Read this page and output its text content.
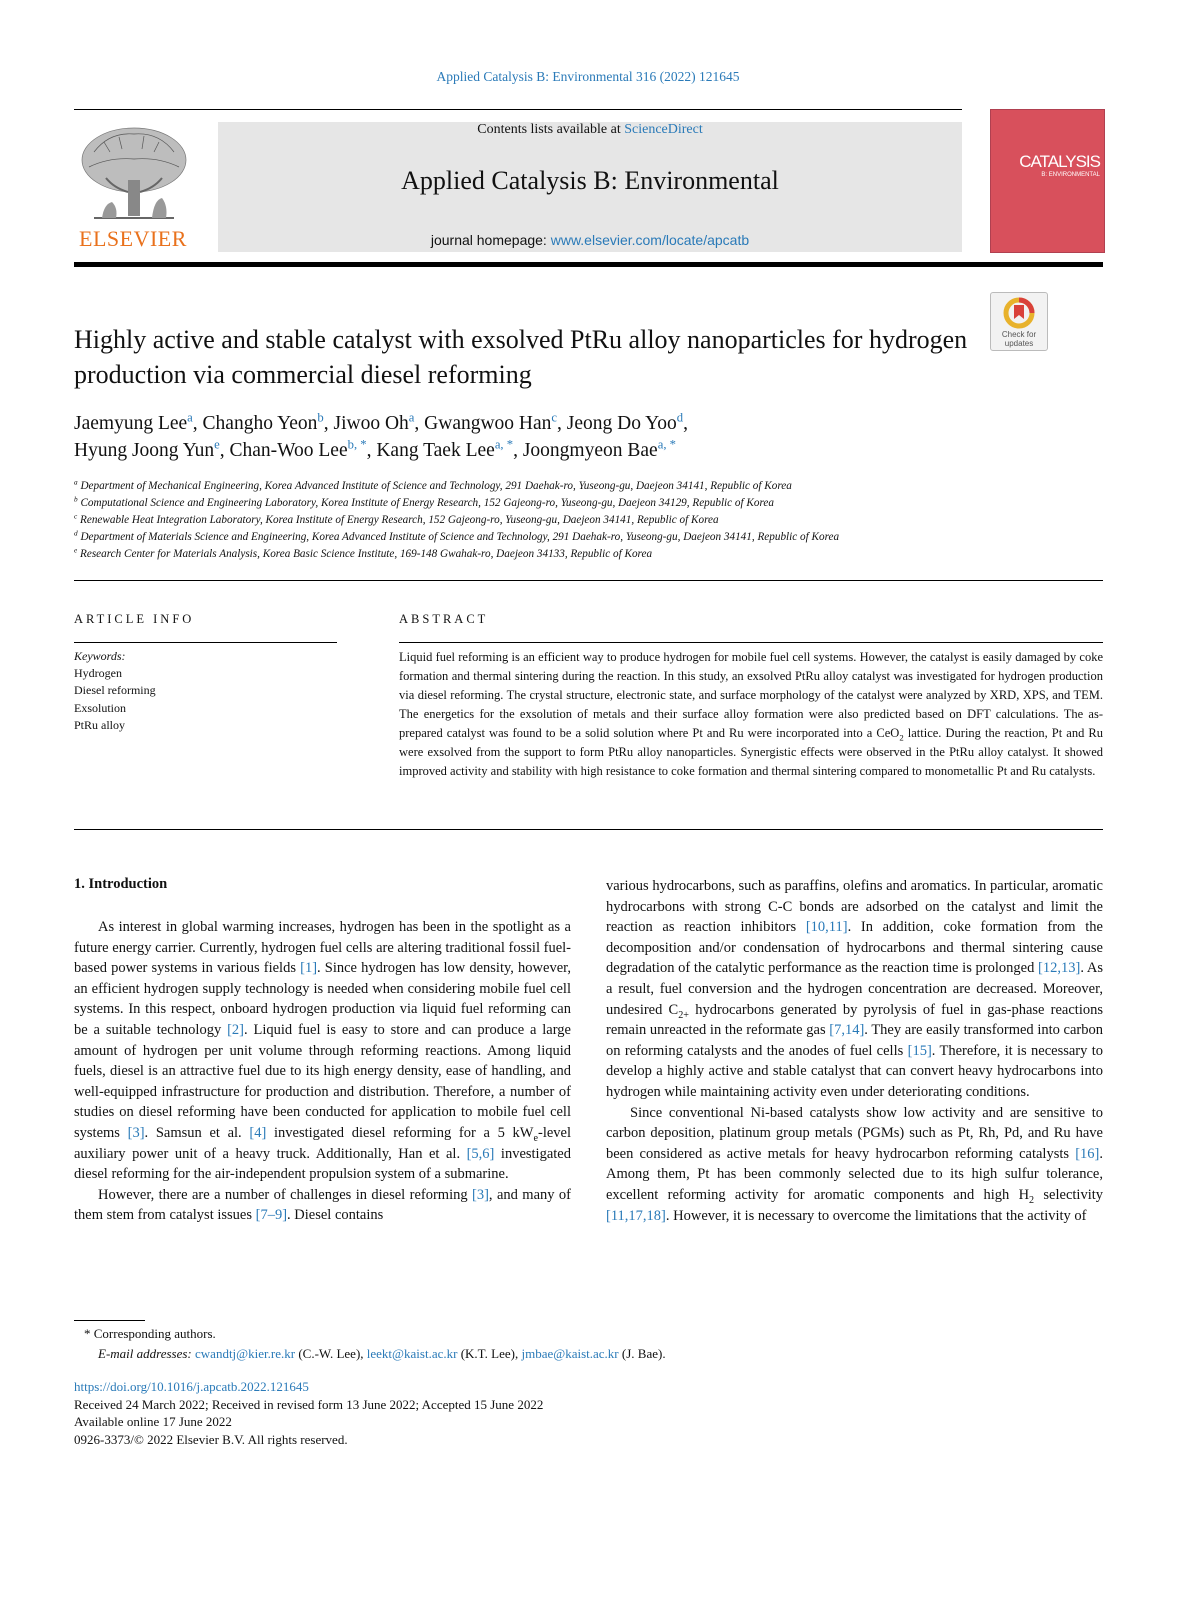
Applied Catalysis B: Environmental 316 (2022) 121645
ELSEVIER
Contents lists available at ScienceDirect
Applied Catalysis B: Environmental
journal homepage: www.elsevier.com/locate/apcatb
CATALYSIS
B: ENVIRONMENTAL
Check for updates
Highly active and stable catalyst with exsolved PtRu alloy nanoparticles for hydrogen production via commercial diesel reforming
Jaemyung Lee$^a$, Changho Yeon$^b$, Jiwoo Oh$^a$, Gwangwoo Han$^c$, Jeong Do Yoo$^d$,
Hyung Joong Yun$^e$, Chan-Woo Lee$^{b, *}$, Kang Taek Lee$^{a, *}$, Joongmyeon Bae$^{a, *}$
$^a$ Department of Mechanical Engineering, Korea Advanced Institute of Science and Technology, 291 Daehak-ro, Yuseong-gu, Daejeon 34141, Republic of Korea
$^b$ Computational Science and Engineering Laboratory, Korea Institute of Energy Research, 152 Gajeong-ro, Yuseong-gu, Daejeon 34129, Republic of Korea
$^c$ Renewable Heat Integration Laboratory, Korea Institute of Energy Research, 152 Gajeong-ro, Yuseong-gu, Daejeon 34141, Republic of Korea
$^d$ Department of Materials Science and Engineering, Korea Advanced Institute of Science and Technology, 291 Daehak-ro, Yuseong-gu, Daejeon 34141, Republic of Korea
$^e$ Research Center for Materials Analysis, Korea Basic Science Institute, 169-148 Gwahak-ro, Daejeon 34133, Republic of Korea
ARTICLE INFO
Keywords:
Hydrogen
Diesel reforming
Exsolution
PtRu alloy
ABSTRACT
Liquid fuel reforming is an efficient way to produce hydrogen for mobile fuel cell systems. However, the catalyst is easily damaged by coke formation and thermal sintering during the reaction. In this study, an exsolved PtRu alloy catalyst was investigated for hydrogen production via diesel reforming. The crystal structure, electronic state, and surface morphology of the catalyst were analyzed by XRD, XPS, and TEM. The energetics for the exsolution of metals and their surface alloy formation were also predicted based on DFT calculations. The as-prepared catalyst was found to be a solid solution where Pt and Ru were incorporated into a CeO$_2$ lattice. During the reaction, Pt and Ru were exsolved from the support to form PtRu alloy nanoparticles. Synergistic effects were observed in the PtRu alloy catalyst. It showed improved activity and stability with high resistance to coke formation and thermal sintering compared to monometallic Pt and Ru catalysts.
1. Introduction

As interest in global warming increases, hydrogen has been in the spotlight as a future energy carrier. Currently, hydrogen fuel cells are altering traditional fossil fuel-based power systems in various fields [1]. Since hydrogen has low density, however, an efficient hydrogen supply technology is needed when considering mobile fuel cell systems. In this respect, onboard hydrogen production via liquid fuel reforming can be a suitable technology [2]. Liquid fuel is easy to store and can produce a large amount of hydrogen per unit volume through reforming reactions. Among liquid fuels, diesel is an attractive fuel due to its high energy density, ease of handling, and well-equipped infrastructure for production and distribution. Therefore, a number of studies on diesel reforming have been conducted for application to mobile fuel cell systems [3]. Samsun et al. [4] investigated diesel reforming for a 5 $kW_e$-level auxiliary power unit of a heavy truck. Additionally, Han et al. [5,6] investigated diesel reforming for the air-independent propulsion system of a submarine.

However, there are a number of challenges in diesel reforming [3], and many of them stem from catalyst issues [7–9]. Diesel contains

various hydrocarbons, such as paraffins, olefins and aromatics. In particular, aromatic hydrocarbons with strong C-C bonds are adsorbed on the catalyst and limit the reaction as reaction inhibitors [10,11]. In addition, coke formation from the decomposition and/or condensation of hydrocarbons and thermal sintering cause degradation of the catalytic performance as the reaction time is prolonged [12,13]. As a result, fuel conversion and the hydrogen concentration are decreased. Moreover, undesired $C_{2+}$ hydrocarbons generated by pyrolysis of fuel in gas-phase reactions remain unreacted in the reformate gas [7,14]. They are easily transformed into carbon on reforming catalysts and the anodes of fuel cells [15]. Therefore, it is necessary to develop a highly active and stable catalyst that can convert heavy hydrocarbons into hydrogen while maintaining activity even under deteriorating conditions.

Since conventional Ni-based catalysts show low activity and are sensitive to carbon deposition, platinum group metals (PGMs) such as Pt, Rh, Pd, and Ru have been considered as active metals for heavy hydrocarbon reforming catalysts [16]. Among them, Pt has been commonly selected due to its high sulfur tolerance, excellent reforming activity for aromatic components and high $H_2$ selectivity [11,17,18]. However, it is necessary to overcome the limitations that the activity of

* Corresponding authors.
E-mail addresses: cwandtj@kier.re.kr (C.-W. Lee), leekt@kaist.ac.kr (K.T. Lee), jmbae@kaist.ac.kr (J. Bae).
https://doi.org/10.1016/j.apcatb.2022.121645
Received 24 March 2022; Received in revised form 13 June 2022; Accepted 15 June 2022
Available online 17 June 2022
0926-3373/© 2022 Elsevier B.V. All rights reserved.
